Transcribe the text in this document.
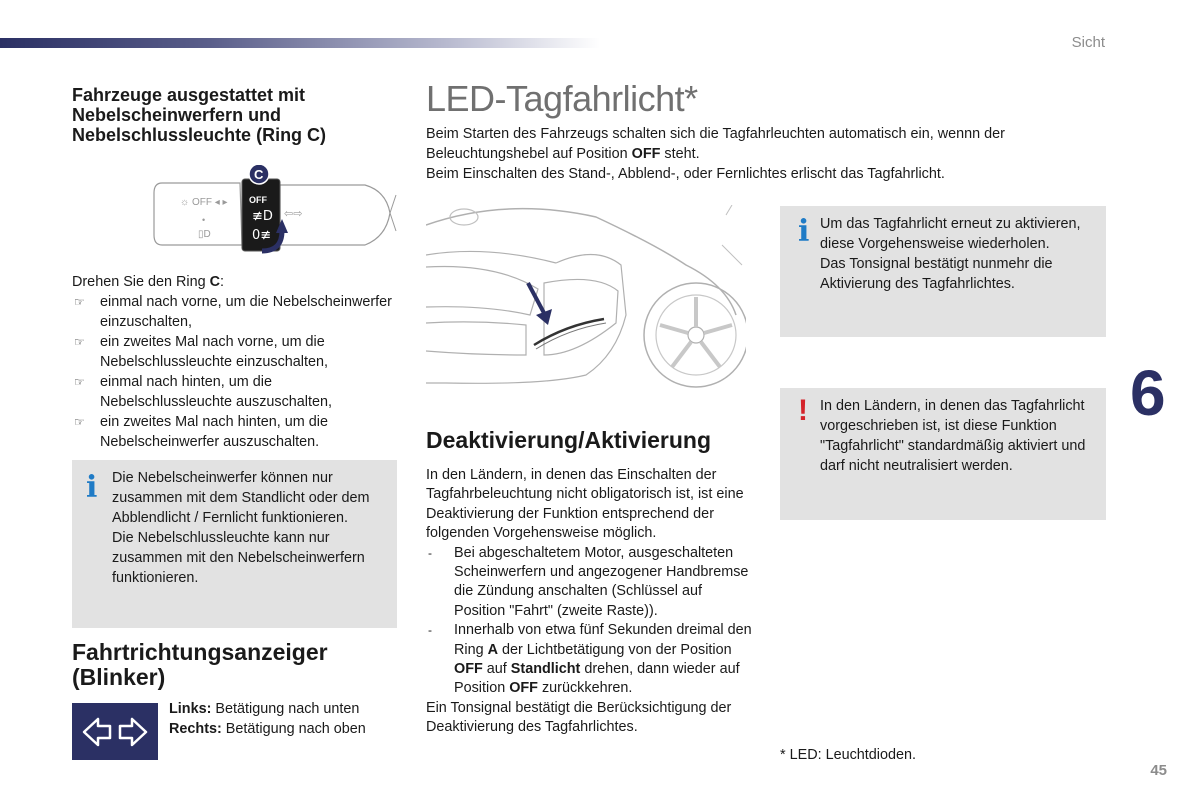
Sicht
6
45
Fahrzeuge ausgestattet mit Nebelscheinwerfern und Nebelschlussleuchte (Ring C)
OFF
≢D
0≢
☼ OFF ◂ ▸
•
▯D
⇦⇨
C

Drehen Sie den Ring C:

☞ einmal nach vorne, um die Nebelscheinwerfer einzuschalten,
☞ ein zweites Mal nach vorne, um die Nebelschlussleuchte einzuschalten,
☞ einmal nach hinten, um die Nebelschlussleuchte auszuschalten,
☞ ein zweites Mal nach hinten, um die Nebelscheinwerfer auszuschalten.
i Die Nebelscheinwerfer können nur zusammen mit dem Standlicht oder dem Abblendlicht / Fernlicht funktionieren.

Die Nebelschlussleuchte kann nur zusammen mit den Nebelscheinwerfern funktionieren.

Fahrtrichtungsanzeiger (Blinker)

Links: Betätigung nach unten

Rechts: Betätigung nach oben

LED-Tagfahrlicht*

Beim Starten des Fahrzeugs schalten sich die Tagfahrleuchten automatisch ein, wennn der Beleuchtungshebel auf Position OFF steht.

Beim Einschalten des Stand-, Abblend-, oder Fernlichtes erlischt das Tagfahrlicht.

Deaktivierung/Aktivierung

In den Ländern, in denen das Einschalten der Tagfahrbeleuchtung nicht obligatorisch ist, ist eine Deaktivierung der Funktion entsprechend der folgenden Vorgehensweise möglich.

- Bei abgeschaltetem Motor, ausgeschalteten Scheinwerfern und angezogener Handbremse die Zündung anschalten (Schlüssel auf Position "Fahrt" (zweite Raste)).
- Innerhalb von etwa fünf Sekunden dreimal den Ring A der Lichtbetätigung von der Position OFF auf Standlicht drehen, dann wieder auf Position OFF zurückkehren.

Ein Tonsignal bestätigt die Berücksichtigung der Deaktivierung des Tagfahrlichtes.

i Um das Tagfahrlicht erneut zu aktivieren, diese Vorgehensweise wiederholen.

Das Tonsignal bestätigt nunmehr die Aktivierung des Tagfahrlichtes.

! In den Ländern, in denen das Tagfahrlicht vorgeschrieben ist, ist diese Funktion "Tagfahrlicht" standardmäßig aktiviert und darf nicht neutralisiert werden.

* LED: Leuchtdioden.
